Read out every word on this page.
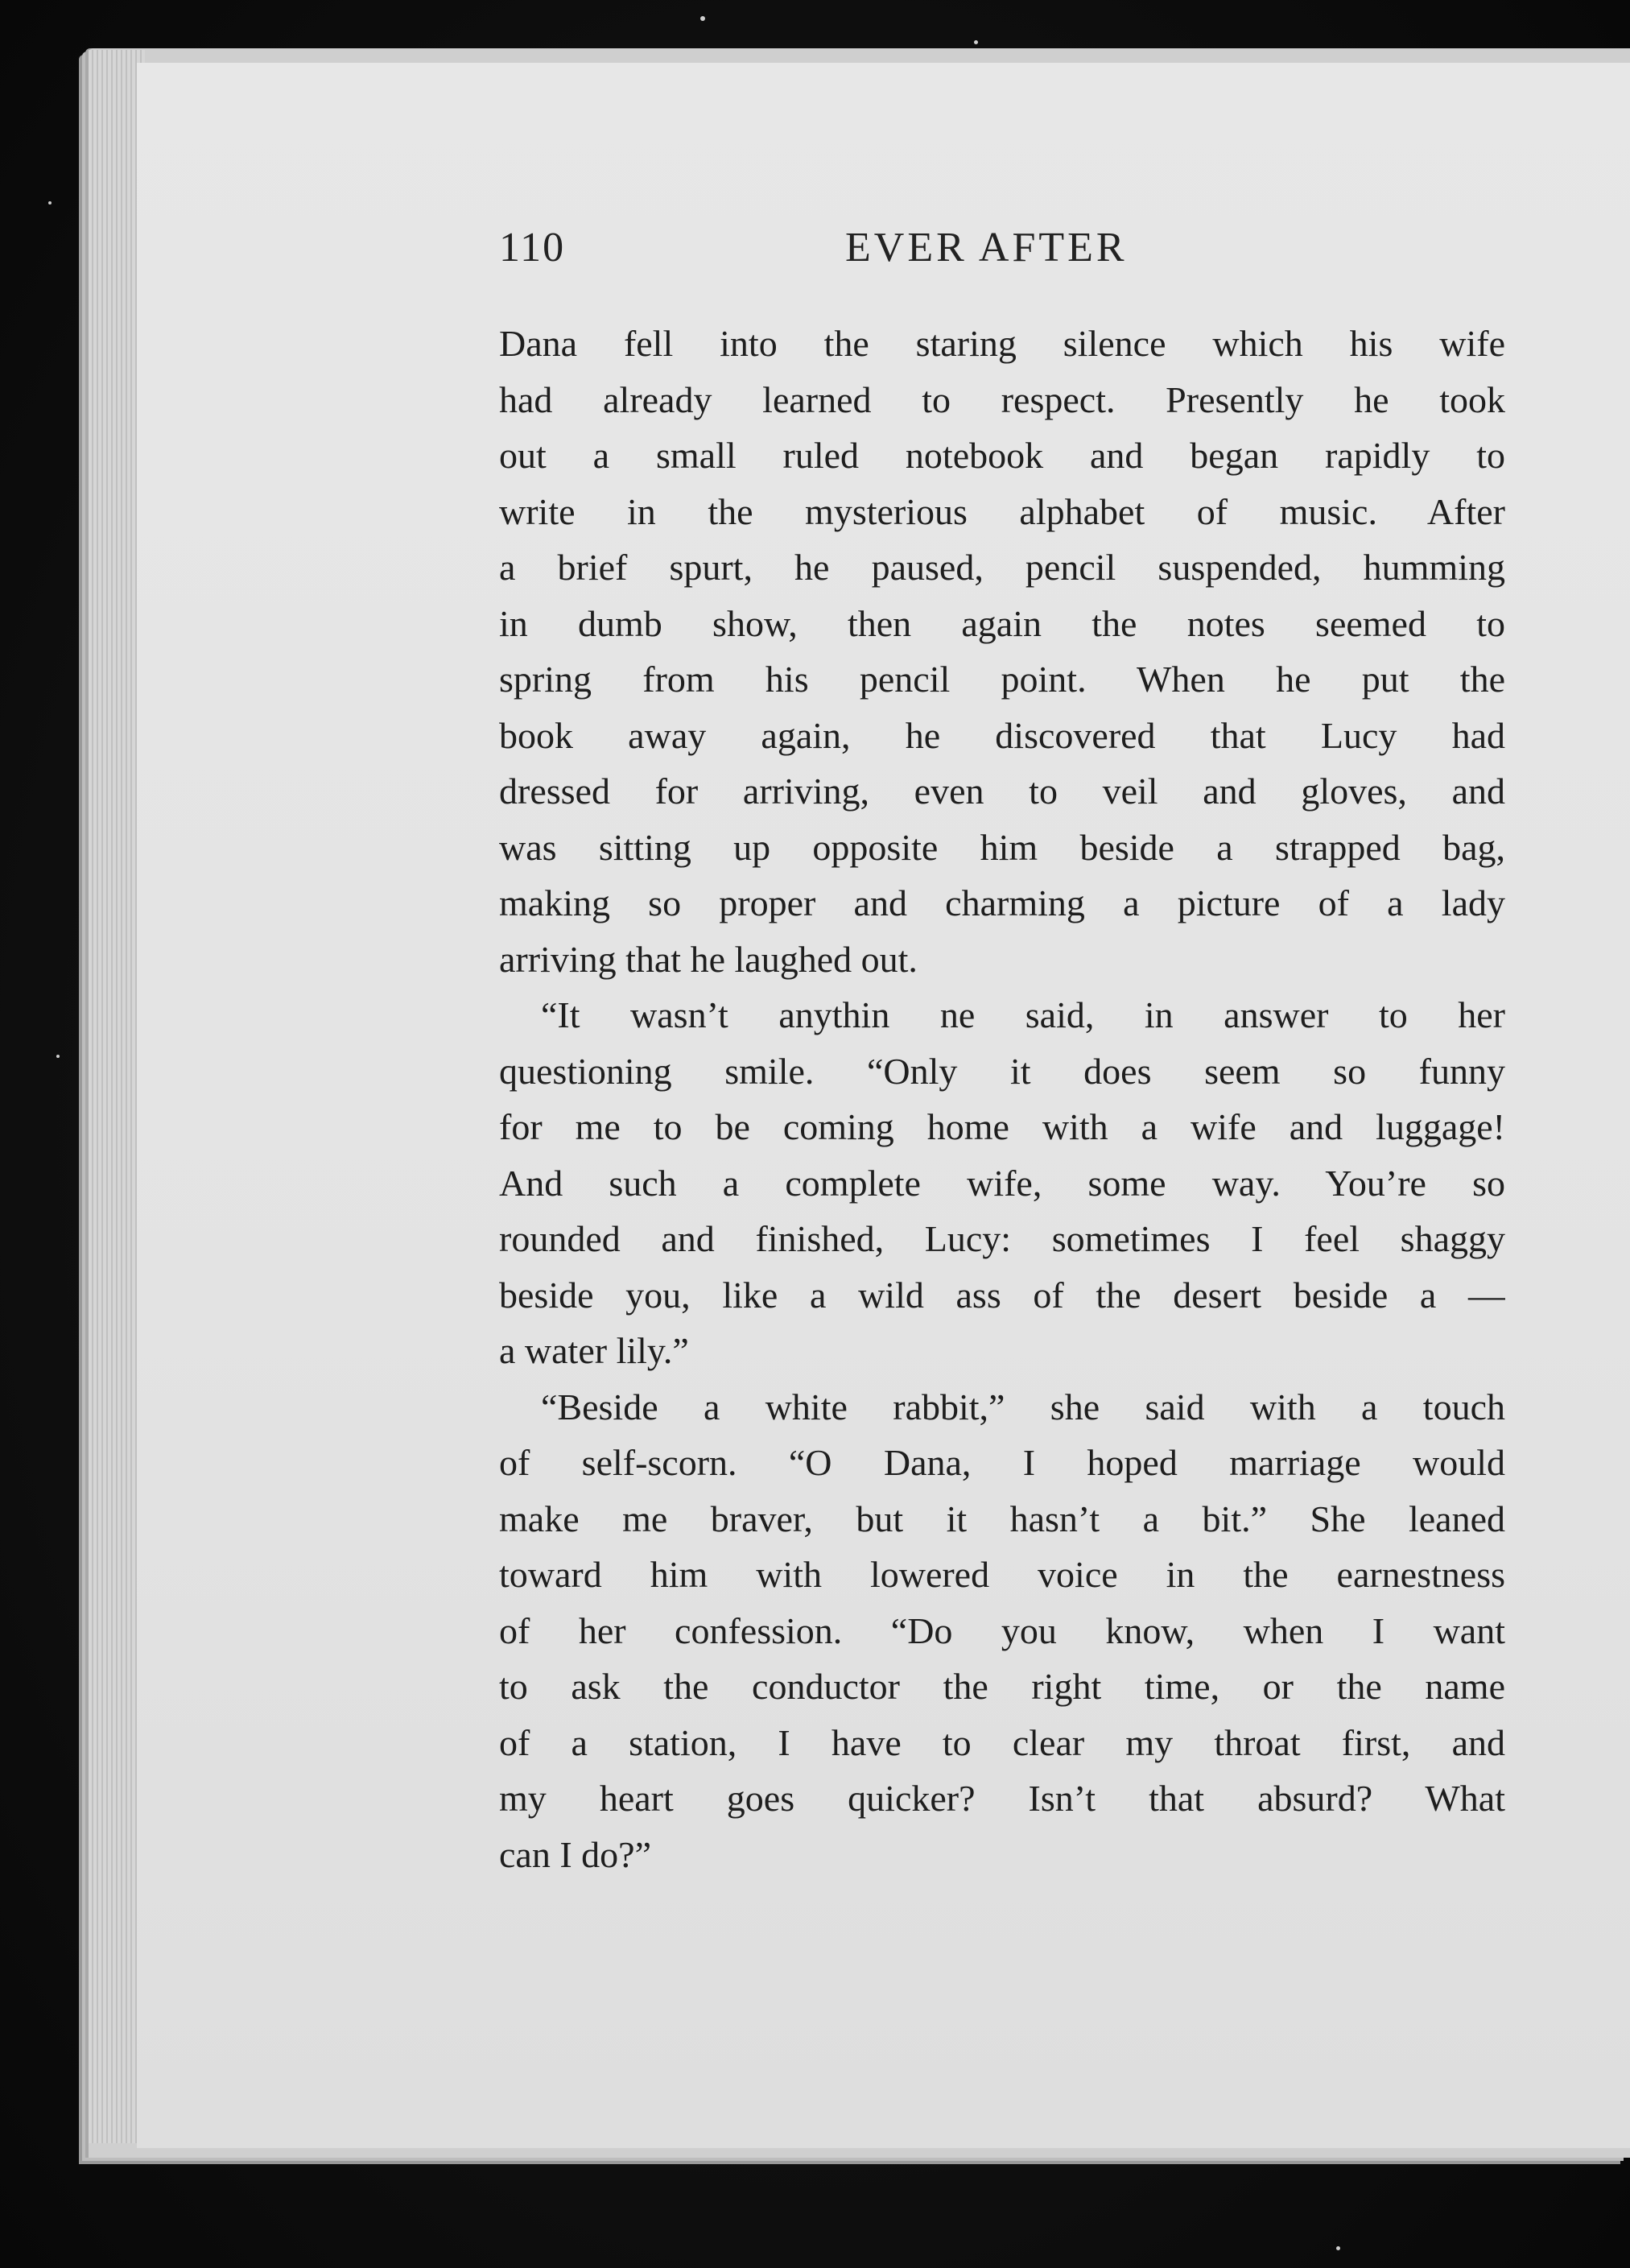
110	EVER AFTER
Dana fell into the staring silence which his wife
had already learned to respect. Presently he took
out a small ruled notebook and began rapidly to
write in the mysterious alphabet of music. After
a brief spurt, he paused, pencil suspended, humming
in dumb show, then again the notes seemed to
spring from his pencil point. When he put the
book away again, he discovered that Lucy had
dressed for arriving, even to veil and gloves, and
was sitting up opposite him beside a strapped bag,
making so proper and charming a picture of a lady
arriving that he laughed out.
“It wasn’t anythin ne said, in answer to her
questioning smile. “Only it does seem so funny
for me to be coming home with a wife and luggage!
And such a complete wife, some way. You’re so
rounded and finished, Lucy: sometimes I feel shaggy
beside you, like a wild ass of the desert beside a —
a water lily.”
“Beside a white rabbit,” she said with a touch
of self-scorn. “O Dana, I hoped marriage would
make me braver, but it hasn’t a bit.” She leaned
toward him with lowered voice in the earnestness
of her confession. “Do you know, when I want
to ask the conductor the right time, or the name
of a station, I have to clear my throat first, and
my heart goes quicker? Isn’t that absurd? What
can I do?”
